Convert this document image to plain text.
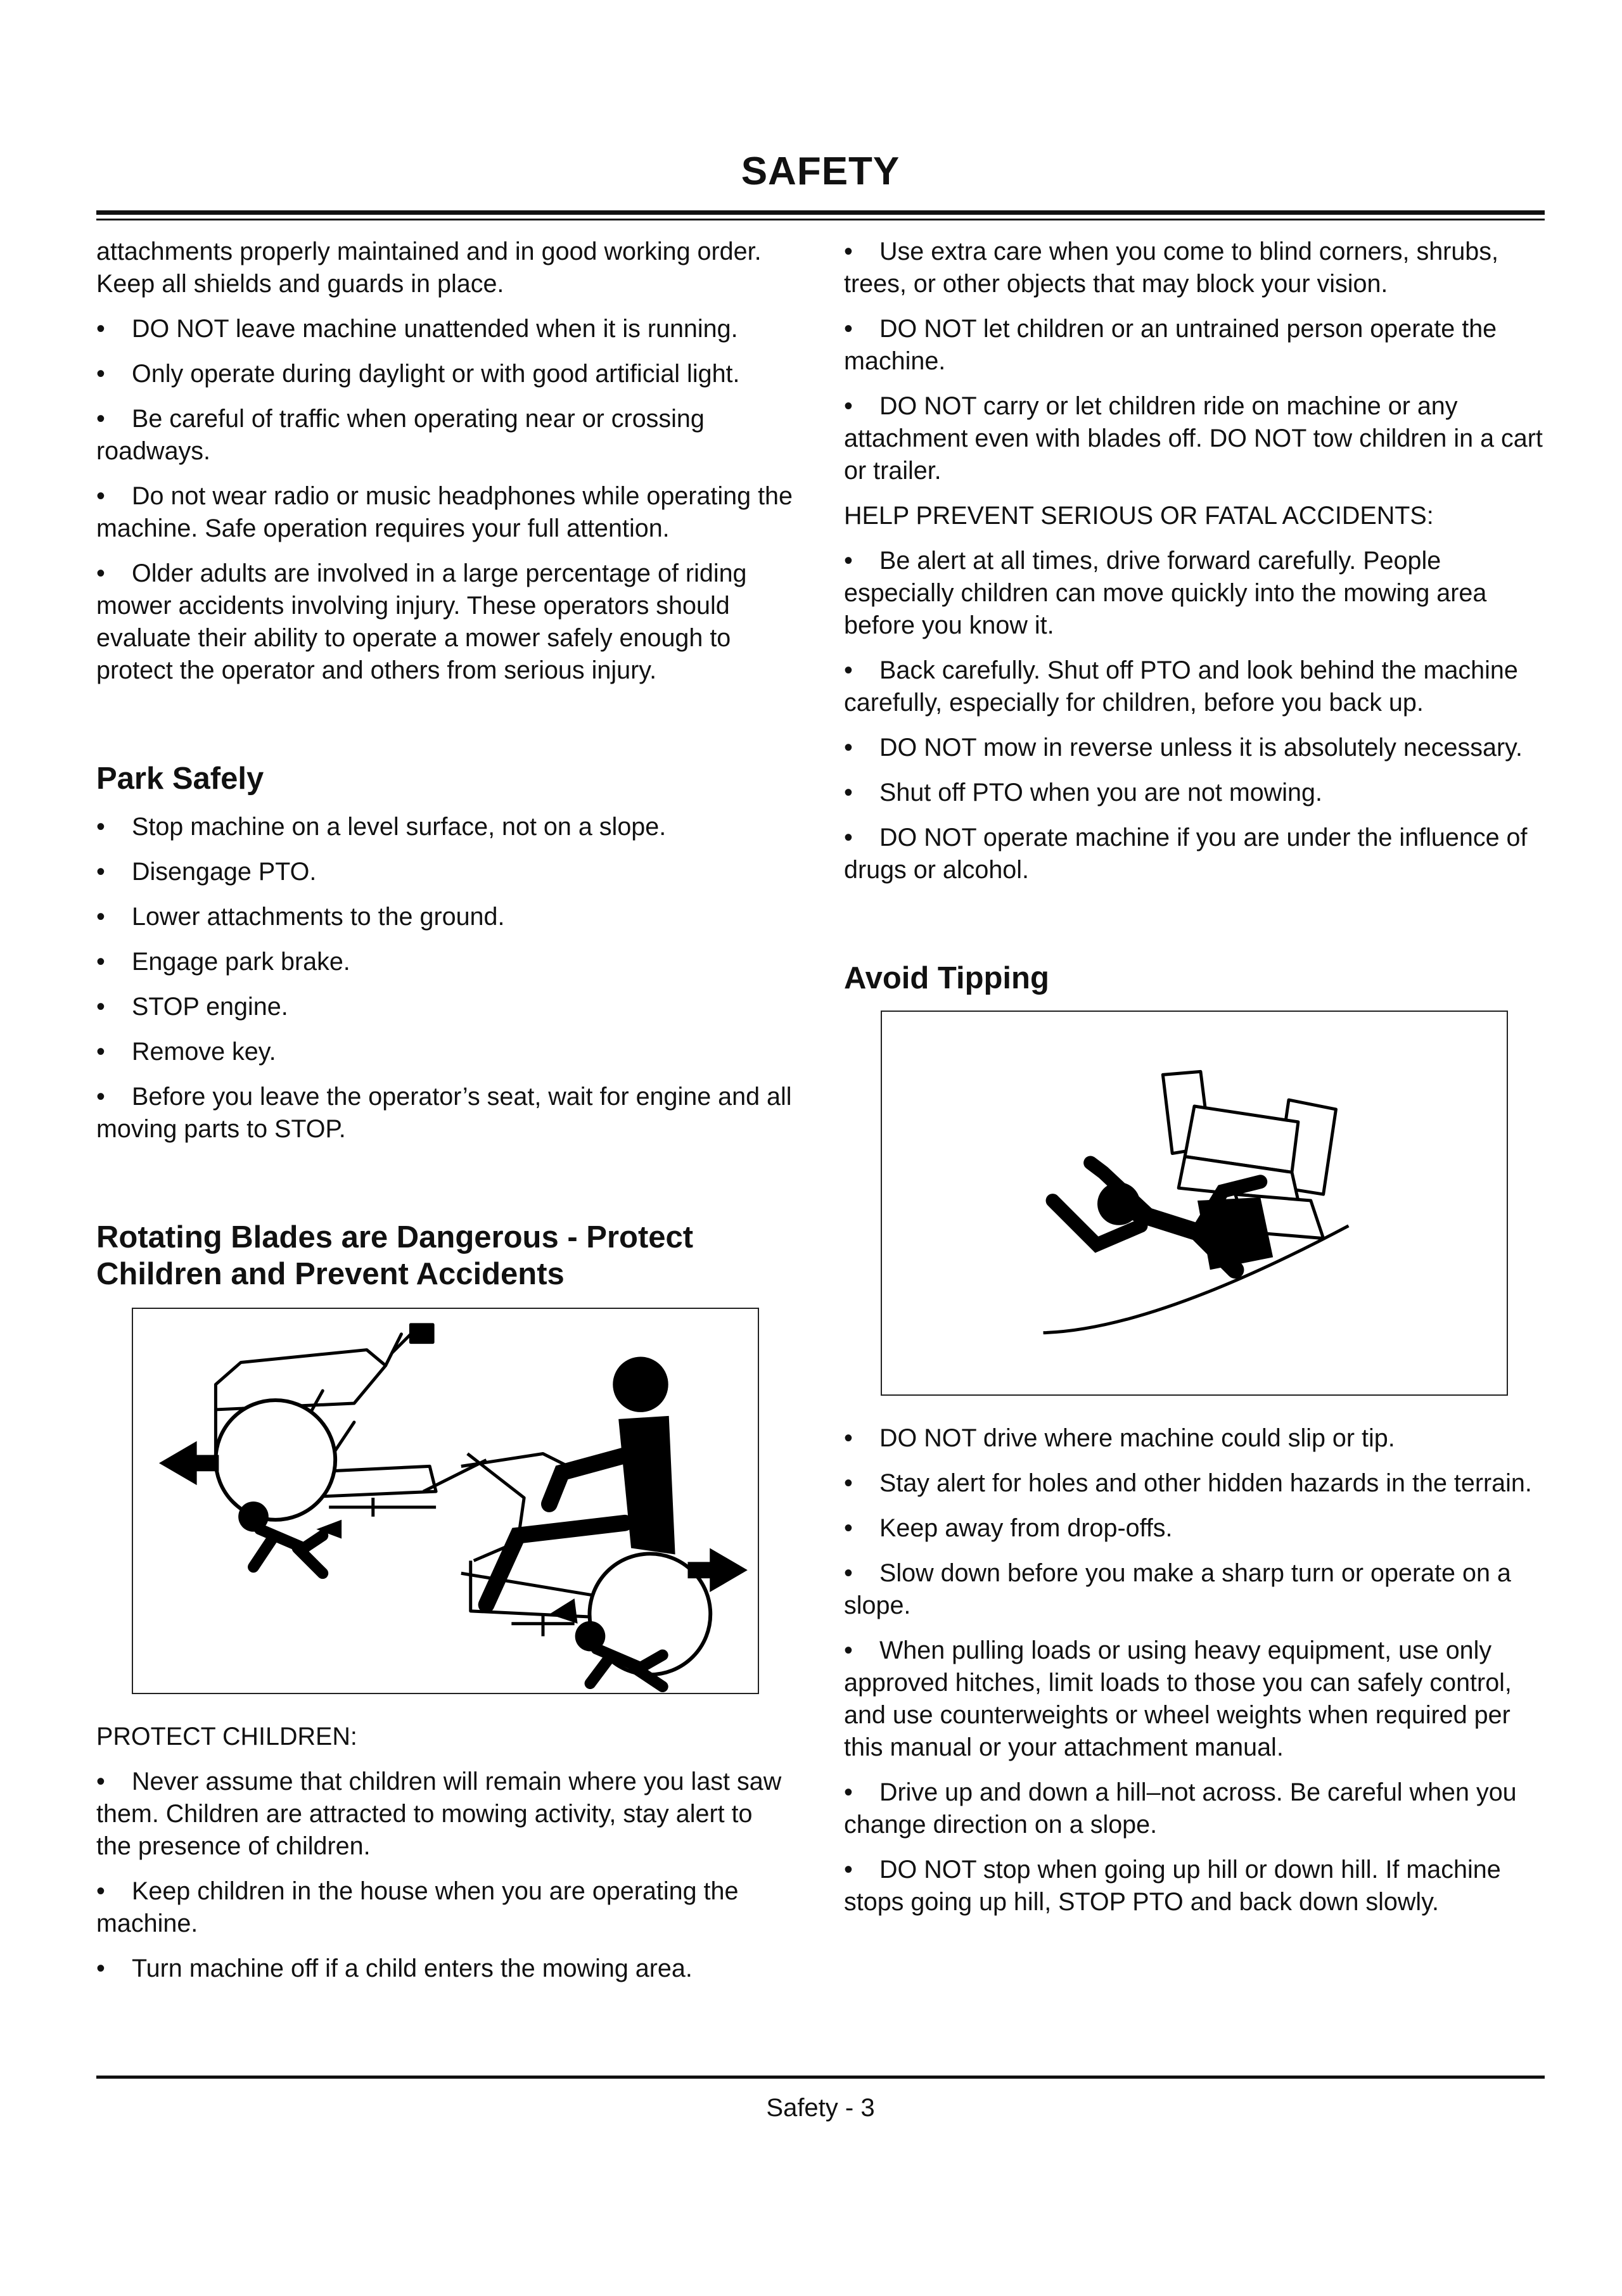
SAFETY

attachments properly maintained and in good working order. Keep all shields and guards in place.

• DO NOT leave machine unattended when it is running.

• Only operate during daylight or with good artificial light.

• Be careful of traffic when operating near or crossing roadways.

• Do not wear radio or music headphones while operating the machine. Safe operation requires your full attention.

• Older adults are involved in a large percentage of riding mower accidents involving injury. These operators should evaluate their ability to operate a mower safely enough to protect the operator and others from serious injury.

Park Safely

• Stop machine on a level surface, not on a slope.

• Disengage PTO.

• Lower attachments to the ground.

• Engage park brake.

• STOP engine.

• Remove key.

• Before you leave the operator’s seat, wait for engine and all moving parts to STOP.

Rotating Blades are Dangerous - Protect
Children and Prevent Accidents

PROTECT CHILDREN:

• Never assume that children will remain where you last saw them. Children are attracted to mowing activity, stay alert to the presence of children.

• Keep children in the house when you are operating the machine.

• Turn machine off if a child enters the mowing area.

• Use extra care when you come to blind corners, shrubs, trees, or other objects that may block your vision.

• DO NOT let children or an untrained person operate the machine.

• DO NOT carry or let children ride on machine or any attachment even with blades off. DO NOT tow children in a cart or trailer.

HELP PREVENT SERIOUS OR FATAL ACCIDENTS:

• Be alert at all times, drive forward carefully. People especially children can move quickly into the mowing area before you know it.

• Back carefully. Shut off PTO and look behind the machine carefully, especially for children, before you back up.

• DO NOT mow in reverse unless it is absolutely necessary.

• Shut off PTO when you are not mowing.

• DO NOT operate machine if you are under the influence of drugs or alcohol.

Avoid Tipping

• DO NOT drive where machine could slip or tip.

• Stay alert for holes and other hidden hazards in the terrain.

• Keep away from drop-offs.

• Slow down before you make a sharp turn or operate on a slope.

• When pulling loads or using heavy equipment, use only approved hitches, limit loads to those you can safely control, and use counterweights or wheel weights when required per this manual or your attachment manual.

• Drive up and down a hill–not across. Be careful when you change direction on a slope.

• DO NOT stop when going up hill or down hill. If machine stops going up hill, STOP PTO and back down slowly.

Safety - 3
